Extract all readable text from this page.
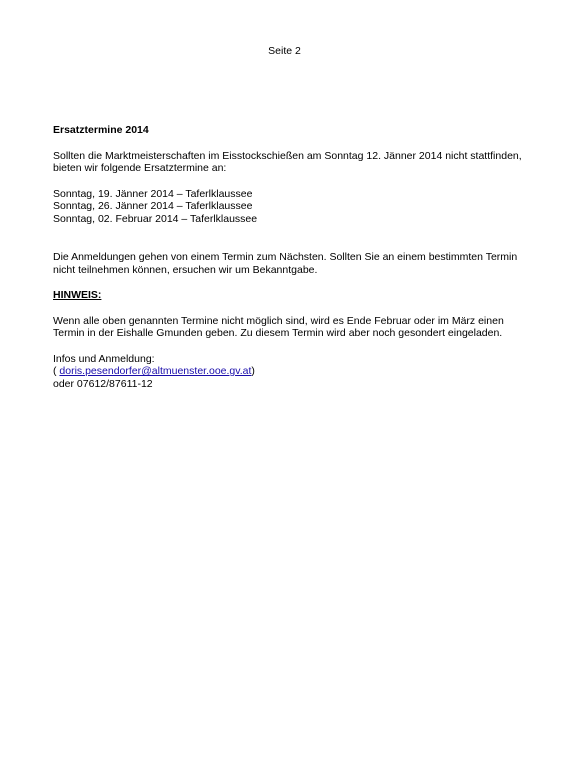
Seite 2

Ersatztermine 2014

Sollten die Marktmeisterschaften im Eisstockschießen am Sonntag 12. Jänner 2014 nicht stattfinden,

bieten wir folgende Ersatztermine an:

Sonntag, 19. Jänner 2014 – Taferlklaussee

Sonntag, 26. Jänner 2014 – Taferlklaussee

Sonntag, 02. Februar 2014 – Taferlklaussee

Die Anmeldungen gehen von einem Termin zum Nächsten. Sollten Sie an einem bestimmten Termin

nicht teilnehmen können, ersuchen wir um Bekanntgabe.

HINWEIS:

Wenn alle oben genannten Termine nicht möglich sind, wird es Ende Februar oder im März einen

Termin in der Eishalle Gmunden geben. Zu diesem Termin wird aber noch gesondert eingeladen.

Infos und Anmeldung:

( doris.pesendorfer@altmuenster.ooe.gv.at)

oder 07612/87611-12
